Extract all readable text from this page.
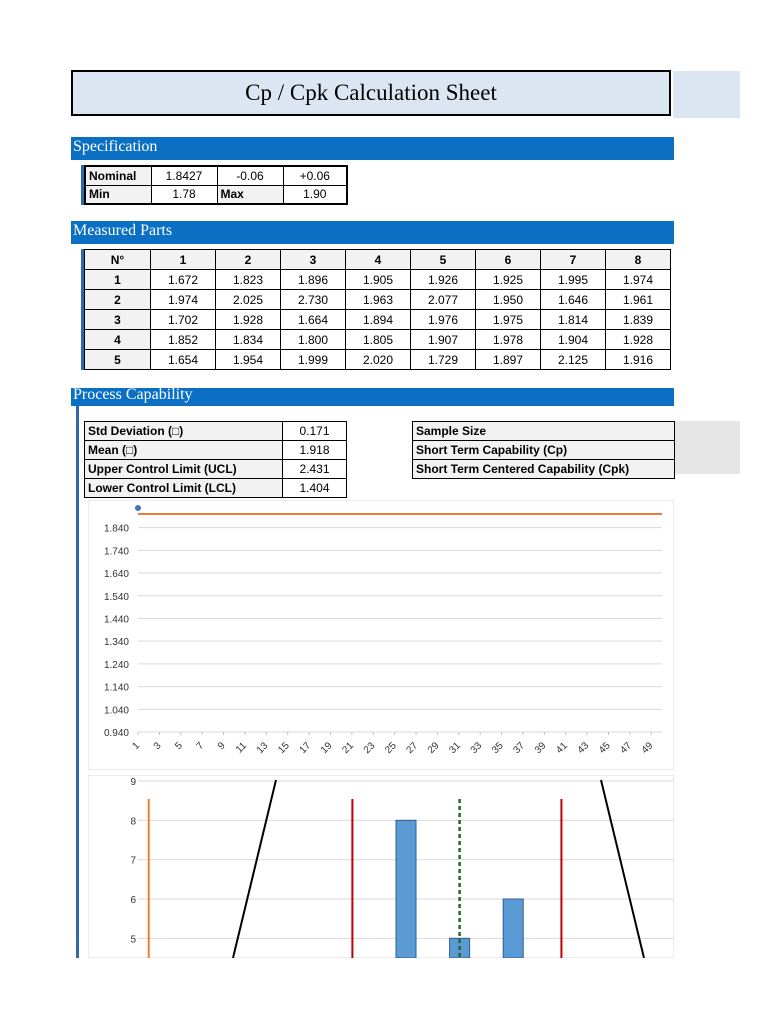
Cp / Cpk Calculation Sheet
Specification
Nominal	1.8427	-0.06	+0.06
Min	1.78	Max	1.90
Measured Parts
N°	1	2	3	4	5	6	7	8
1	1.672	1.823	1.896	1.905	1.926	1.925	1.995	1.974
2	1.974	2.025	2.730	1.963	2.077	1.950	1.646	1.961
3	1.702	1.928	1.664	1.894	1.976	1.975	1.814	1.839
4	1.852	1.834	1.800	1.805	1.907	1.978	1.904	1.928
5	1.654	1.954	1.999	2.020	1.729	1.897	2.125	1.916
Process Capability
Std Deviation (□)	0.171
Mean (□)	1.918
Upper Control Limit (UCL)	2.431
Lower Control Limit (LCL)	1.404
Sample Size
Short Term Capability (Cp)
Short Term Centered Capability (Cpk)
0.940
1.040
1.140
1.240
1.340
1.440
1.540
1.640
1.740
1.840
1 3 5 7 9 11 13 15 17 19 21 23 25 27 29 31 33 35 37 39 41 43 45 47 49
5
6
7
8
9
